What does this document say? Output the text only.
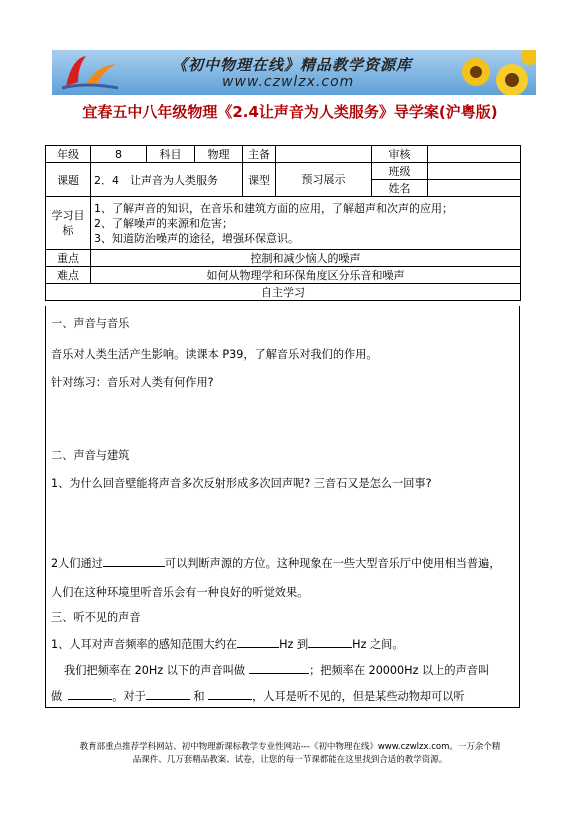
《初中物理在线》精品教学资源库
www.czwlzx.com
宜春五中八年级物理《2.4让声音为人类服务》导学案(沪粤版)
年级	8	科目	物理	主备		审核	
课题	2．4　让声音为人类服务			课型	预习展示	班级	
						姓名	
学习目标	1、了解声音的知识，在音乐和建筑方面的应用，了解超声和次声的应用；
2、了解噪声的来源和危害；
3、知道防治噪声的途径，增强环保意识。						

重点	控制和减少恼人的噪声						
难点	如何从物理学和环保角度区分乐音和噪声						
自主学习							

一、声音与音乐

音乐对人类生活产生影响。读课本 P39，了解音乐对我们的作用。

针对练习：音乐对人类有何作用?

二、声音与建筑

1、为什么回音壁能将声音多次反射形成多次回声呢? 三音石又是怎么一回事?

2人们通过	可以判断声源的方位。这种现象在一些大型音乐厅中使用相当普遍，

人们在这种环境里听音乐会有一种良好的听觉效果。

三、听不见的声音

1、人耳对声音频率的感知范围大约在	Hz 到	Hz 之间。

我们把频率在 20Hz 以下的声音叫做	；把频率在 20000Hz 以上的声音叫

做	。对于	和	，人耳是听不见的，但是某些动物却可以听

教育部重点推荐学科网站、初中物理新课标教学专业性网站---《初中物理在线》www.czwlzx.com。一万余个精
品课件、几万套精品教案、试卷，让您的每一节课都能在这里找到合适的教学资源。
